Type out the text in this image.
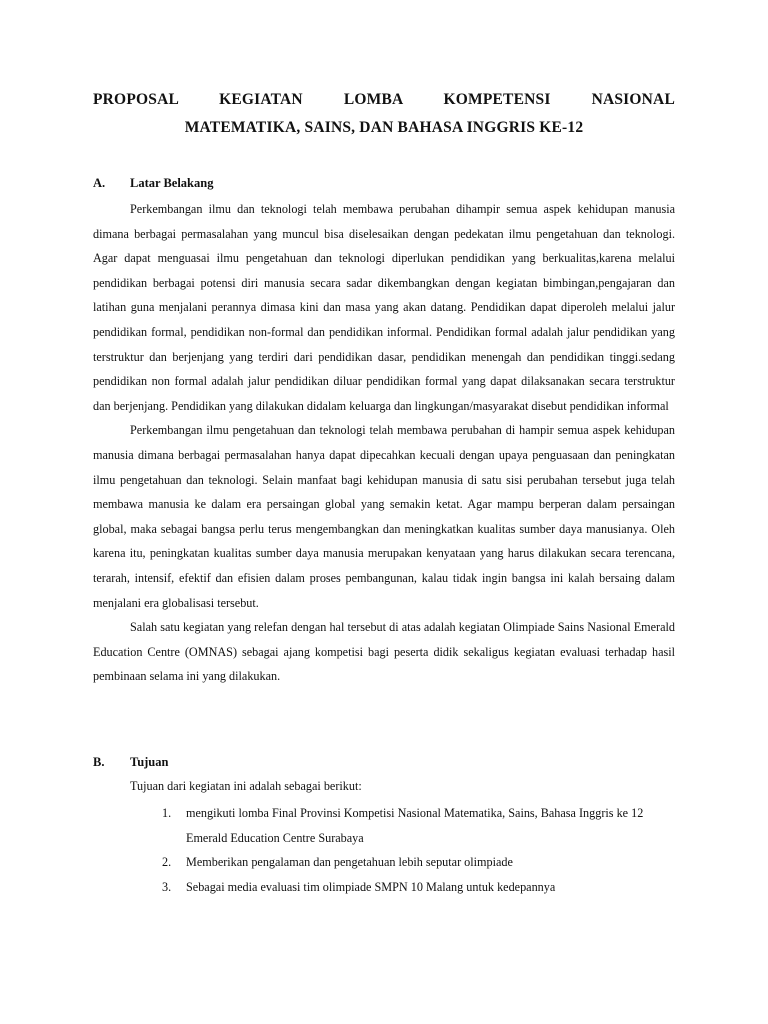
PROPOSAL KEGIATAN LOMBA KOMPETENSI NASIONAL
MATEMATIKA, SAINS, DAN BAHASA INGGRIS KE-12
A. Latar Belakang

Perkembangan ilmu dan teknologi telah membawa perubahan dihampir semua aspek kehidupan manusia dimana berbagai permasalahan yang muncul bisa diselesaikan dengan pedekatan ilmu pengetahuan dan teknologi. Agar dapat menguasai ilmu pengetahuan dan teknologi diperlukan pendidikan yang berkualitas,karena melalui pendidikan berbagai potensi diri manusia secara sadar dikembangkan dengan kegiatan bimbingan,pengajaran dan latihan guna menjalani perannya dimasa kini dan masa yang akan datang. Pendidikan dapat diperoleh melalui jalur pendidikan formal, pendidikan non-formal dan pendidikan informal. Pendidikan formal adalah jalur pendidikan yang terstruktur dan berjenjang yang terdiri dari pendidikan dasar, pendidikan menengah dan pendidikan tinggi.sedang pendidikan non formal adalah jalur pendidikan diluar pendidikan formal yang dapat dilaksanakan secara terstruktur dan berjenjang. Pendidikan yang dilakukan didalam keluarga dan lingkungan/masyarakat disebut pendidikan informal

Perkembangan ilmu pengetahuan dan teknologi telah membawa perubahan di hampir semua aspek kehidupan manusia dimana berbagai permasalahan hanya dapat dipecahkan kecuali dengan upaya penguasaan dan peningkatan ilmu pengetahuan dan teknologi. Selain manfaat bagi kehidupan manusia di satu sisi perubahan tersebut juga telah membawa manusia ke dalam era persaingan global yang semakin ketat. Agar mampu berperan dalam persaingan global, maka sebagai bangsa perlu terus mengembangkan dan meningkatkan kualitas sumber daya manusianya. Oleh karena itu, peningkatan kualitas sumber daya manusia merupakan kenyataan yang harus dilakukan secara terencana, terarah, intensif, efektif dan efisien dalam proses pembangunan, kalau tidak ingin bangsa ini kalah bersaing dalam menjalani era globalisasi tersebut.

Salah satu kegiatan yang relefan dengan hal tersebut di atas adalah kegiatan Olimpiade Sains Nasional Emerald Education Centre (OMNAS) sebagai ajang kompetisi bagi peserta didik sekaligus kegiatan evaluasi terhadap hasil pembinaan selama ini yang dilakukan.

B. Tujuan
Tujuan dari kegiatan ini adalah sebagai berikut:
1. mengikuti lomba Final Provinsi Kompetisi Nasional Matematika, Sains, Bahasa Inggris ke 12 Emerald Education Centre Surabaya
2. Memberikan pengalaman dan pengetahuan lebih seputar olimpiade
3. Sebagai media evaluasi tim olimpiade SMPN 10 Malang untuk kedepannya
